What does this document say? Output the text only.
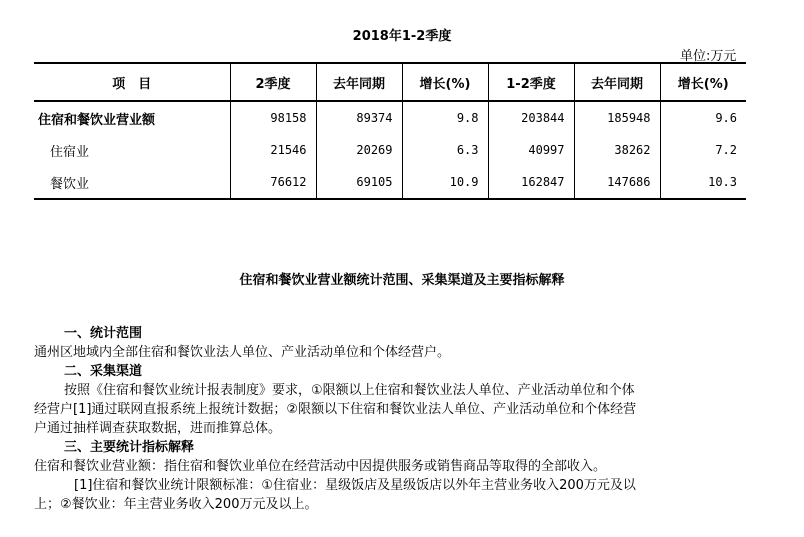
2018年1-2季度
单位:万元
项　目	2季度	去年同期	增长(%)	1-2季度	去年同期	增长(%)
住宿和餐饮业营业额	98158	89374	9.8	203844	185948	9.6
住宿业	21546	20269	6.3	40997	38262	7.2
餐饮业	76612	69105	10.9	162847	147686	10.3
住宿和餐饮业营业额统计范围、采集渠道及主要指标解释

一、统计范围

通州区地域内全部住宿和餐饮业法人单位、产业活动单位和个体经营户。

二、采集渠道

按照《住宿和餐饮业统计报表制度》要求，①限额以上住宿和餐饮业法人单位、产业活动单位和个体

经营户[1]通过联网直报系统上报统计数据；②限额以下住宿和餐饮业法人单位、产业活动单位和个体经营

户通过抽样调查获取数据，进而推算总体。

三、主要统计指标解释

住宿和餐饮业营业额：指住宿和餐饮业单位在经营活动中因提供服务或销售商品等取得的全部收入。

[1]住宿和餐饮业统计限额标准：①住宿业：星级饭店及星级饭店以外年主营业务收入200万元及以

上；②餐饮业：年主营业务收入200万元及以上。
